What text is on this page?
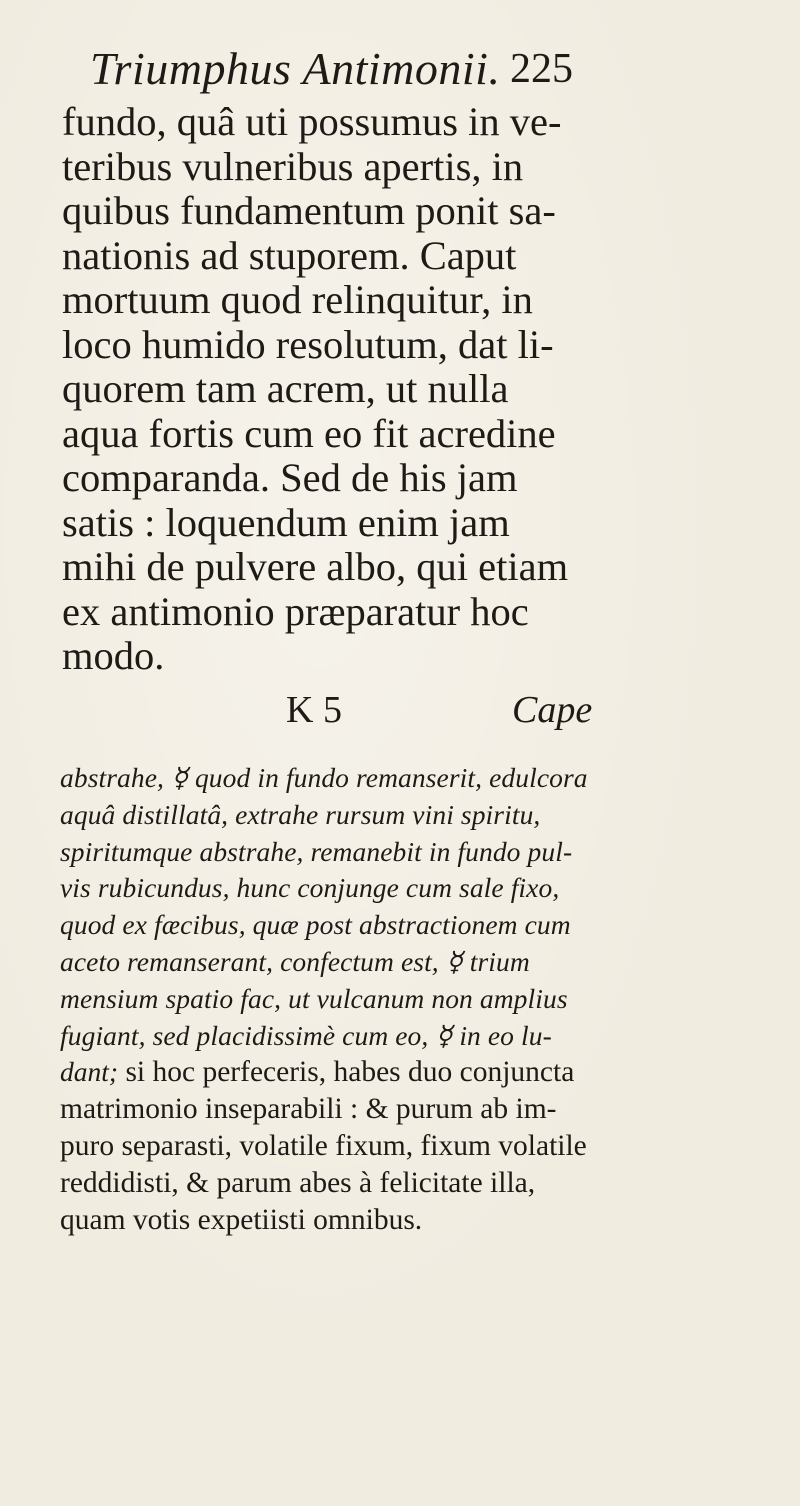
Triumphus Antimonii. 225
fundo, quâ uti possumus in ve-
teribus vulneribus apertis, in
quibus fundamentum ponit sa-
nationis ad stuporem. Caput
mortuum quod relinquitur, in
loco humido resolutum, dat li-
quorem tam acrem, ut nulla
aqua fortis cum eo fit acredine
comparanda. Sed de his jam
satis : loquendum enim jam
mihi de pulvere albo, qui etiam
ex antimonio præparatur hoc
modo.
K 5	Cape
abstrahe, ☿ quod in fundo remanserit, edulcora
aquâ distillatâ, extrahe rursum vini spiritu,
spiritumque abstrahe, remanebit in fundo pul-
vis rubicundus, hunc conjunge cum sale fixo,
quod ex fæcibus, quæ post abstractionem cum
aceto remanserant, confectum est, ☿ trium
mensium spatio fac, ut vulcanum non amplius
fugiant, sed placidissimè cum eo, ☿ in eo lu-
dant; si hoc perfeceris, habes duo conjuncta
matrimonio inseparabili : & purum ab im-
puro separasti, volatile fixum, fixum volatile
reddidisti, & parum abes à felicitate illa,
quam votis expetiisti omnibus.
